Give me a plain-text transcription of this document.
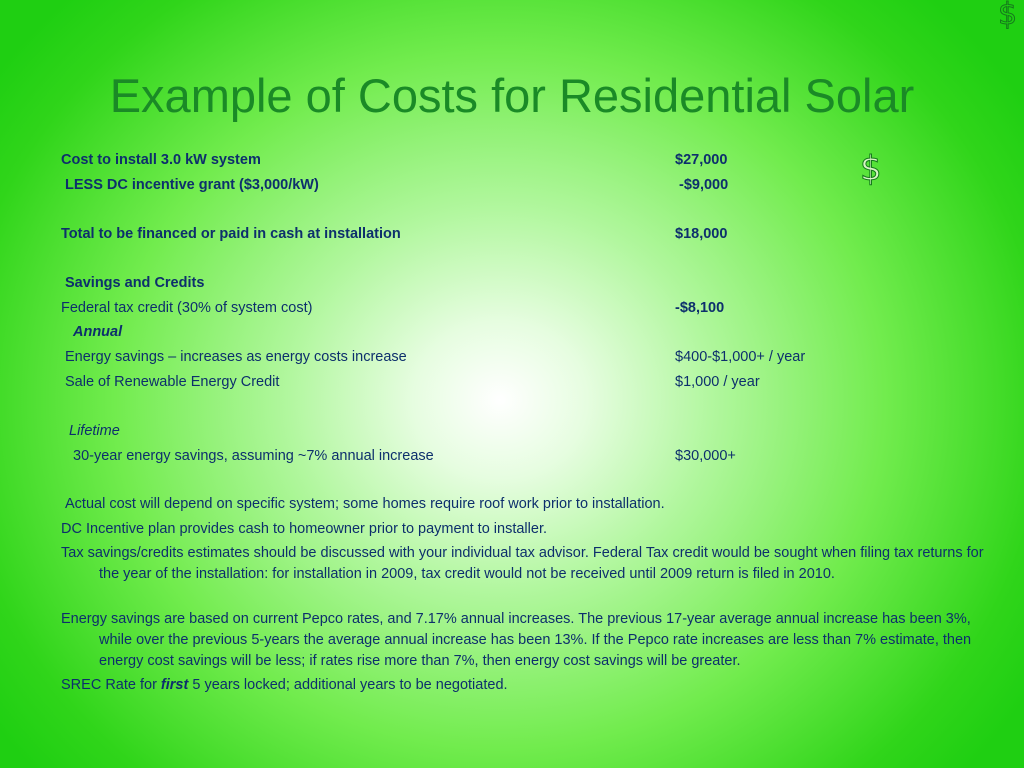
$
$
Example of Costs for Residential Solar
Cost to install 3.0 kW system	$27,000
LESS DC incentive grant ($3,000/kW)	-$9,000
Total to be financed or paid in cash at installation	$18,000
Savings and Credits
Federal tax credit (30% of system cost)	-$8,100
Annual
Energy savings – increases as energy costs increase	$400-$1,000+ / year
Sale of Renewable Energy Credit	$1,000 / year
Lifetime
30-year energy savings, assuming ~7% annual increase	$30,000+
Actual cost will depend on specific system; some homes require roof work prior to installation.
DC Incentive plan provides cash to homeowner prior to payment to installer.
Tax savings/credits estimates should be discussed with your individual tax advisor. Federal Tax credit would be sought when filing tax returns for the year of the installation: for installation in 2009, tax credit would not be received until 2009 return is filed in 2010.
Energy savings are based on current Pepco rates, and 7.17% annual increases. The previous 17-year average annual increase has been 3%, while over the previous 5-years the average annual increase has been 13%. If the Pepco rate increases are less than 7% estimate, then energy cost savings will be less; if rates rise more than 7%, then energy cost savings will be greater.
SREC Rate for first 5 years locked; additional years to be negotiated.
